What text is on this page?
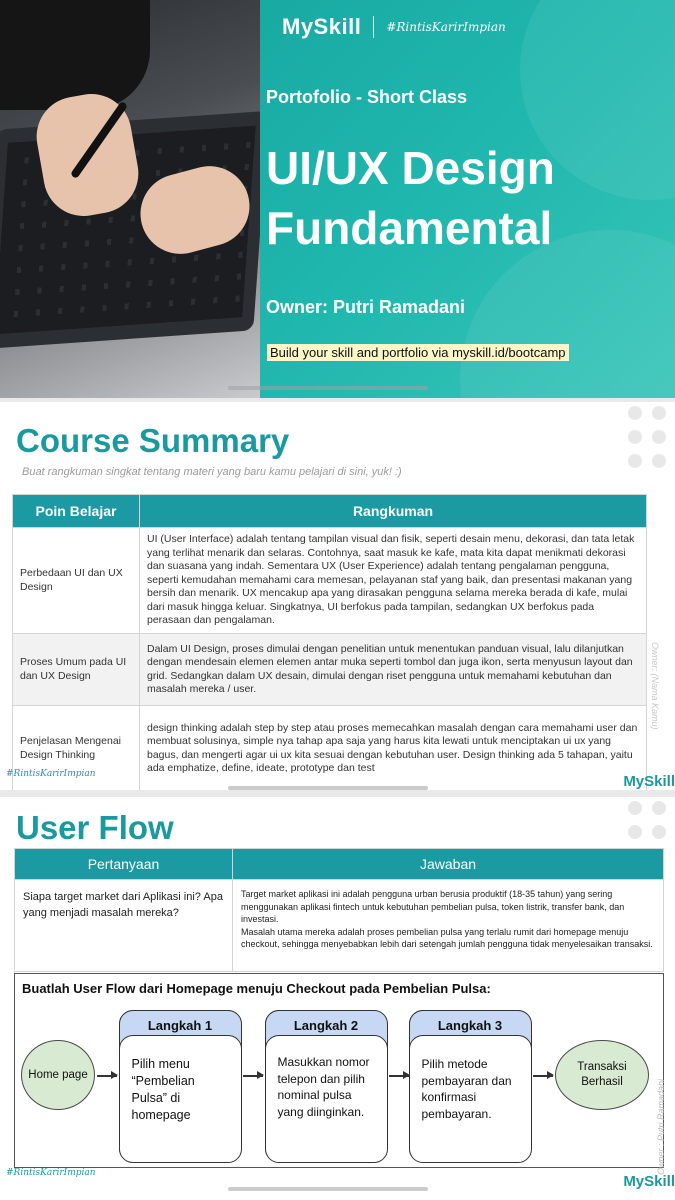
MySkill #RintisKarirImpian
Portofolio - Short Class
UI/UX Design
Fundamental
Owner: Putri Ramadani
Build your skill and portfolio via myskill.id/bootcamp
Course Summary

Buat rangkuman singkat tentang materi yang baru kamu pelajari di sini, yuk! :)

Poin Belajar	Rangkuman
Perbedaan UI dan UX Design	UI (User Interface) adalah tentang tampilan visual dan fisik, seperti desain menu, dekorasi, dan tata letak yang terlihat menarik dan selaras. Contohnya, saat masuk ke kafe, mata kita dapat menikmati dekorasi dan suasana yang indah. Sementara UX (User Experience) adalah tentang pengalaman pengguna, seperti kemudahan memahami cara memesan, pelayanan staf yang baik, dan presentasi makanan yang bersih dan menarik. UX mencakup apa yang dirasakan pengguna selama mereka berada di kafe, mulai dari masuk hingga keluar. Singkatnya, UI berfokus pada tampilan, sedangkan UX berfokus pada perasaan dan pengalaman.
Proses Umum pada UI dan UX Design	Dalam UI Design, proses dimulai dengan penelitian untuk menentukan panduan visual, lalu dilanjutkan dengan mendesain elemen elemen antar muka seperti tombol dan juga ikon, serta menyusun layout dan grid. Sedangkan dalam UX desain, dimulai dengan riset pengguna untuk memahami kebutuhan dan masalah mereka / user.
Penjelasan Mengenai Design Thinking	design thinking adalah step by step atau proses memecahkan masalah dengan cara memahami user dan membuat solusinya, simple nya tahap apa saja yang harus kita lewati untuk menciptakan ui ux yang bagus, dan mengerti agar ui ux kita sesuai dengan kebutuhan user. Design thinking ada 5 tahapan, yaitu ada emphatize, define, ideate, prototype dan test
Owner: (Nama Kamu)
#RintisKarirImpian	MySkill
User Flow
Pertanyaan	Jawaban
Siapa target market dari Aplikasi ini? Apa yang menjadi masalah mereka?	Target market aplikasi ini adalah pengguna urban berusia produktif (18-35 tahun) yang sering menggunakan aplikasi fintech untuk kebutuhan pembelian pulsa, token listrik, transfer bank, dan investasi.
Masalah utama mereka adalah proses pembelian pulsa yang terlalu rumit dari homepage menuju checkout, sehingga menyebabkan lebih dari setengah jumlah pengguna tidak menyelesaikan transaksi.
Buatlah User Flow dari Homepage menuju Checkout pada Pembelian Pulsa:
Home page
Langkah 1
Pilih menu “Pembelian Pulsa” di homepage
Langkah 2
Masukkan nomor telepon dan pilih nominal pulsa yang diinginkan.
Langkah 3
Pilih metode pembayaran dan konfirmasi pembayaran.
Transaksi Berhasil	Owner : Putri Ramadani
#RintisKarirImpian	MySkill
